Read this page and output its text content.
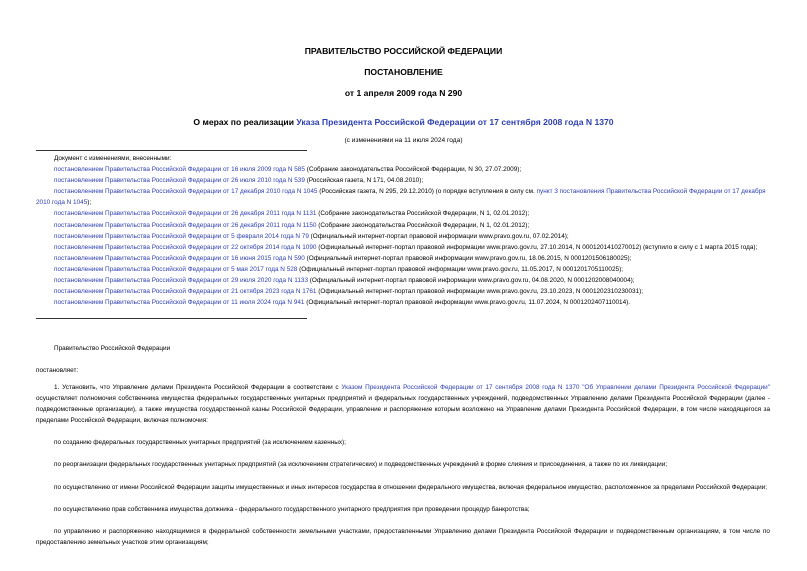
ПРАВИТЕЛЬСТВО РОССИЙСКОЙ ФЕДЕРАЦИИ
ПОСТАНОВЛЕНИЕ
от 1 апреля 2009 года N 290
О мерах по реализации Указа Президента Российской Федерации от 17 сентября 2008 года N 1370
(с изменениями на 11 июля 2024 года)
Документ с изменениями, внесенными:
постановлением Правительства Российской Федерации от 16 июля 2009 года N 585 (Собрание законодательства Российской Федерации, N 30, 27.07.2009);
постановлением Правительства Российской Федерации от 26 июля 2010 года N 539 (Российская газета, N 171, 04.08.2010);
постановлением Правительства Российской Федерации от 17 декабря 2010 года N 1045 (Российская газета, N 295, 29.12.2010) (о порядке вступления в силу см. пункт 3 постановления Правительства Российской Федерации от 17 декабря 2010 года N 1045);
постановлением Правительства Российской Федерации от 26 декабря 2011 года N 1131 (Собрание законодательства Российской Федерации, N 1, 02.01.2012);
постановлением Правительства Российской Федерации от 26 декабря 2011 года N 1150 (Собрание законодательства Российской Федерации, N 1, 02.01.2012);
постановлением Правительства Российской Федерации от 5 февраля 2014 года N 79 (Официальный интернет-портал правовой информации www.pravo.gov.ru, 07.02.2014);
постановлением Правительства Российской Федерации от 22 октября 2014 года N 1090 (Официальный интернет-портал правовой информации www.pravo.gov.ru, 27.10.2014, N 0001201410270012) (вступило в силу с 1 марта 2015 года);
постановлением Правительства Российской Федерации от 16 июня 2015 года N 590 (Официальный интернет-портал правовой информации www.pravo.gov.ru, 18.06.2015, N 0001201506180025);
постановлением Правительства Российской Федерации от 5 мая 2017 года N 528 (Официальный интернет-портал правовой информации www.pravo.gov.ru, 11.05.2017, N 0001201705110025);
постановлением Правительства Российской Федерации от 29 июля 2020 года N 1133 (Официальный интернет-портал правовой информации www.pravo.gov.ru, 04.08.2020, N 0001202008040004);
постановлением Правительства Российской Федерации от 21 октября 2023 года N 1761 (Официальный интернет-портал правовой информации www.pravo.gov.ru, 23.10.2023, N 0001202310230031);
постановлением Правительства Российской Федерации от 11 июля 2024 года N 941 (Официальный интернет-портал правовой информации www.pravo.gov.ru, 11.07.2024, N 0001202407110014).

Правительство Российской Федерации

постановляет:

1. Установить, что Управление делами Президента Российской Федерации в соответствии с Указом Президента Российской Федерации от 17 сентября 2008 года N 1370 "Об Управлении делами Президента Российской Федерации" осуществляет полномочия собственника имущества федеральных государственных унитарных предприятий и федеральных государственных учреждений, подведомственных Управлению делами Президента Российской Федерации (далее - подведомственные организации), а также имущества государственной казны Российской Федерации, управление и распоряжение которым возложено на Управление делами Президента Российской Федерации, в том числе находящегося за пределами Российской Федерации, включая полномочия:

по созданию федеральных государственных унитарных предприятий (за исключением казенных);

по реорганизации федеральных государственных унитарных предприятий (за исключением стратегических) и подведомственных учреждений в форме слияния и присоединения, а также по их ликвидации;

по осуществлению от имени Российской Федерации защиты имущественных и иных интересов государства в отношении федерального имущества, включая федеральное имущество, расположенное за пределами Российской Федерации;

по осуществлению прав собственника имущества должника - федерального государственного унитарного предприятия при проведении процедур банкротства;

по управлению и распоряжению находящимися в федеральной собственности земельными участками, предоставленными Управлению делами Президента Российской Федерации и подведомственным организациям, в том числе по предоставлению земельных участков этим организациям;
